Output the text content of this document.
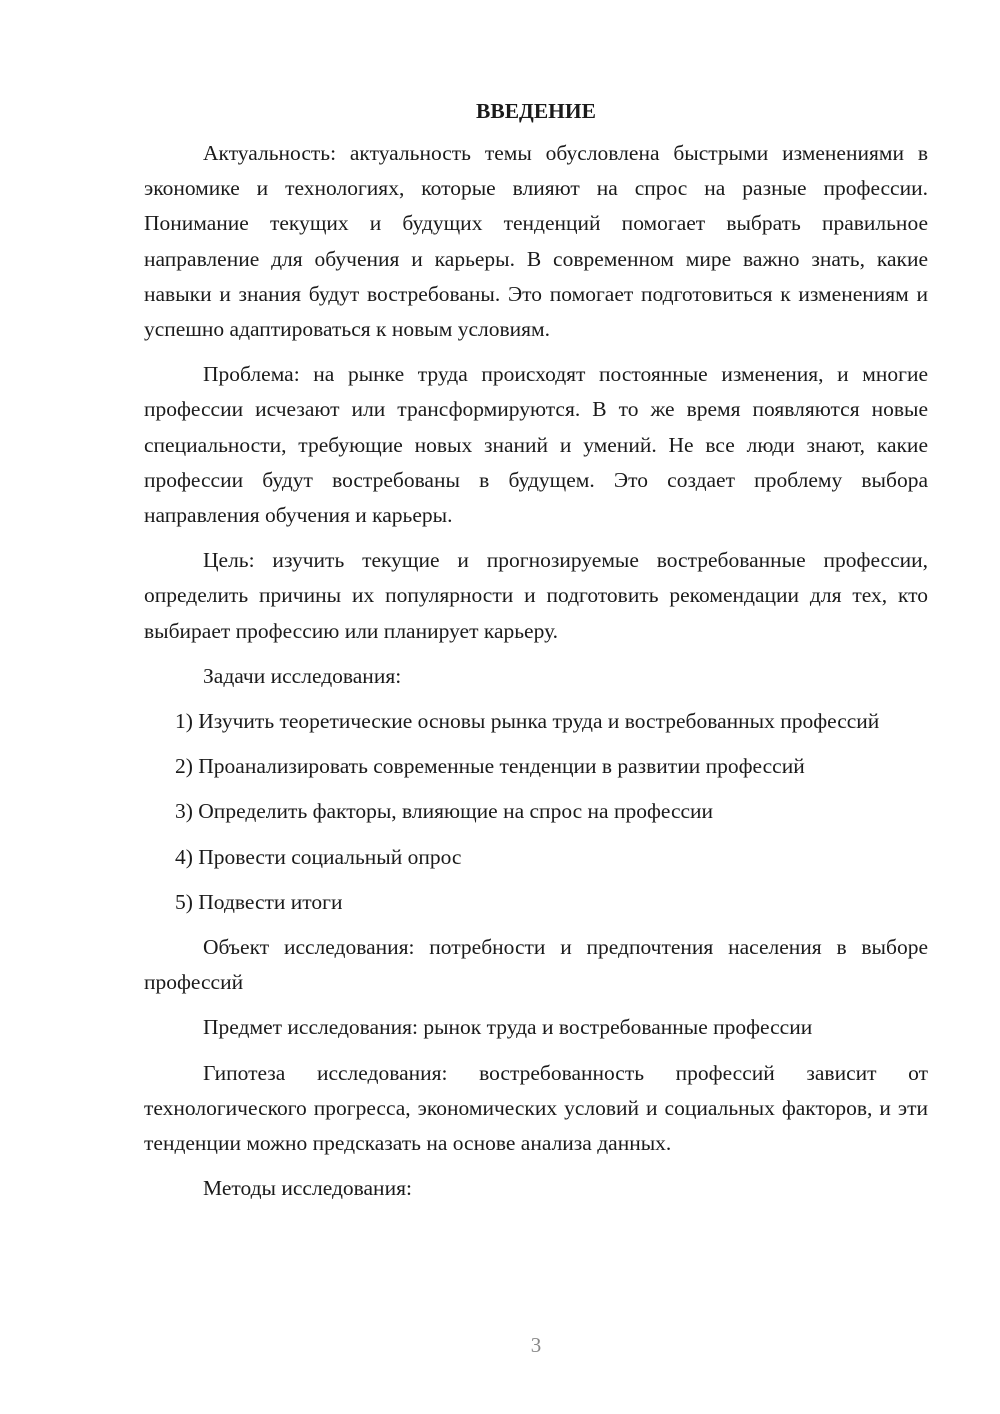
ВВЕДЕНИЕ

Актуальность: актуальность темы обусловлена быстрыми изменениями в экономике и технологиях, которые влияют на спрос на разные профессии. Понимание текущих и будущих тенденций помогает выбрать правильное направление для обучения и карьеры. В современном мире важно знать, какие навыки и знания будут востребованы. Это помогает подготовиться к изменениям и успешно адаптироваться к новым условиям.

Проблема: на рынке труда происходят постоянные изменения, и многие профессии исчезают или трансформируются. В то же время появляются новые специальности, требующие новых знаний и умений. Не все люди знают, какие профессии будут востребованы в будущем. Это создает проблему выбора направления обучения и карьеры.

Цель: изучить текущие и прогнозируемые востребованные профессии, определить причины их популярности и подготовить рекомендации для тех, кто выбирает профессию или планирует карьеру.

Задачи исследования:

1) Изучить теоретические основы рынка труда и востребованных профессий

2) Проанализировать современные тенденции в развитии профессий

3) Определить факторы, влияющие на спрос на профессии

4) Провести социальный опрос

5) Подвести итоги

Объект исследования: потребности и предпочтения населения в выборе профессий

Предмет исследования: рынок труда и востребованные профессии

Гипотеза исследования: востребованность профессий зависит от технологического прогресса, экономических условий и социальных факторов, и эти тенденции можно предсказать на основе анализа данных.

Методы исследования:

3
